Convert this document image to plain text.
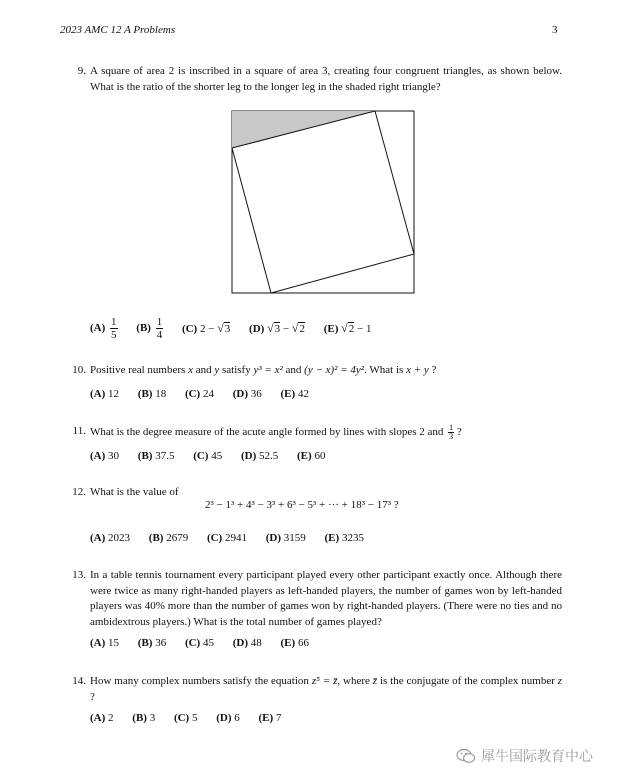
2023 AMC 12 A Problems	3
9. A square of area 2 is inscribed in a square of area 3, creating four congruent triangles, as shown below. What is the ratio of the shorter leg to the longer leg in the shaded right triangle?
$(A) \frac{1}{5} (B) \frac{1}{4} (C) 2 - √3$ (D) √3 − √2 (E) √2 − 1
10. Positive real numbers x and y satisfy y³ = x² and (y − x)² = 4y². What is x + y ?
(A) 12 (B) 18 (C) 24 (D) 36 (E) 42
11. What is the degree measure of the acute angle formed by lines with slopes 2 and $\frac{1}{3}$ ?
(A) 30 (B) 37.5 (C) 45 (D) 52.5 (E) 60
12. What is the value of
2³ − 1³ + 4³ − 3³ + 6³ − 5³ + ··· + 18³ − 17³ ?
(A) 2023 (B) 2679 (C) 2941 (D) 3159 (E) 3235
13. In a table tennis tournament every participant played every other participant exactly once. Although there were twice as many right-handed players as left-handed players, the number of games won by left-handed players was 40% more than the number of games won by right-handed players. (There were no ties and no ambidextrous players.) What is the total number of games played?
(A) 15 (B) 36 (C) 45 (D) 48 (E) 66
14. How many complex numbers satisfy the equation z⁵ = z̄, where z̄ is the conjugate of the complex number z ?
(A) 2 (B) 3 (C) 5 (D) 6 (E) 7
犀牛国际教育中心
